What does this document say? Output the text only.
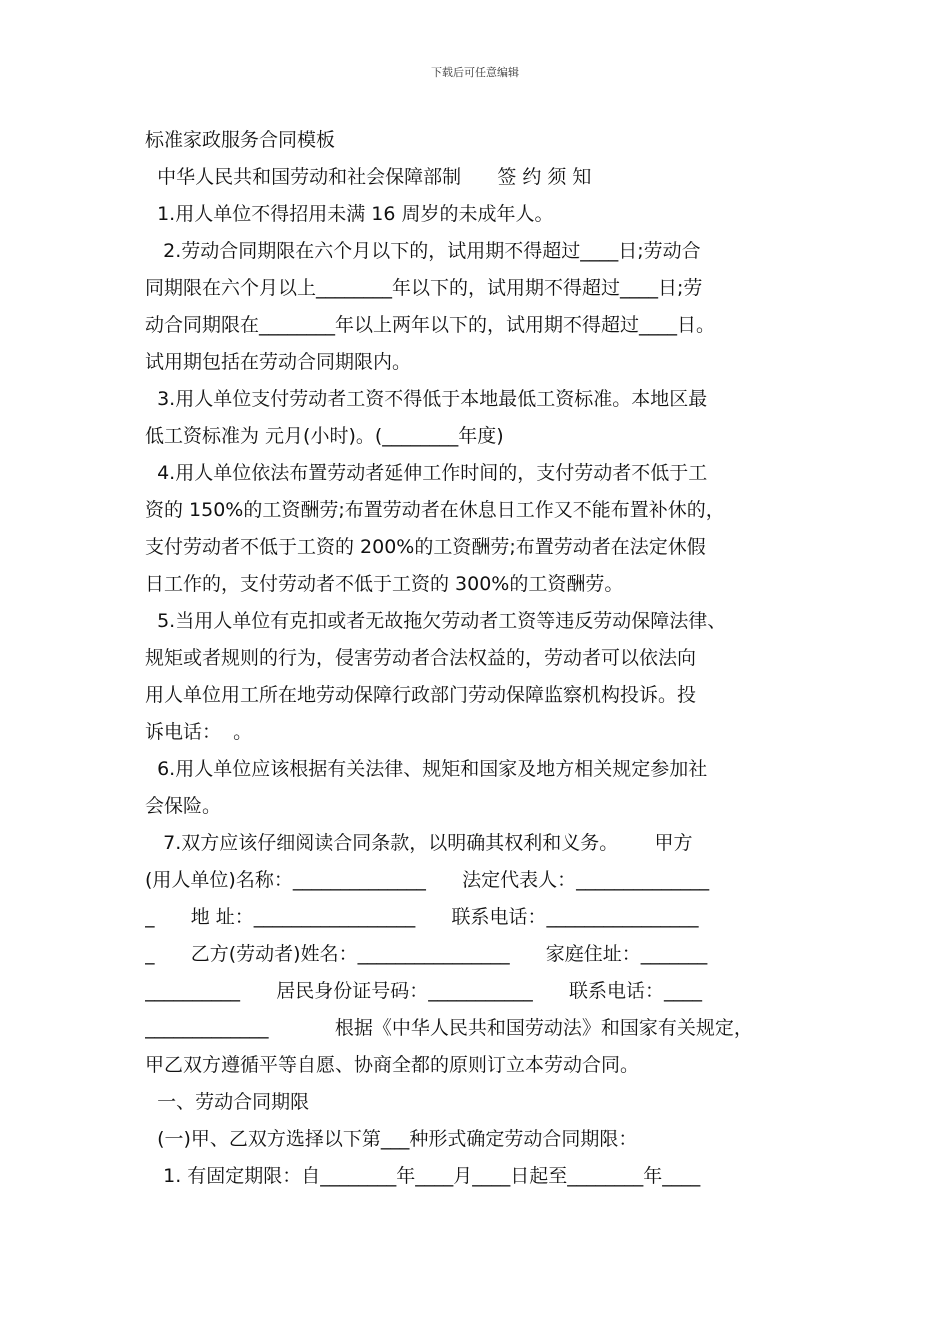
下载后可任意编辑
标准家政服务合同模板
中华人民共和国劳动和社会保障部制      签 约 须 知
1.用人单位不得招用未满 16 周岁的未成年人。
2.劳动合同期限在六个月以下的，试用期不得超过____日;劳动合
同期限在六个月以上________年以下的，试用期不得超过____日;劳
动合同期限在________年以上两年以下的，试用期不得超过____日。
试用期包括在劳动合同期限内。
3.用人单位支付劳动者工资不得低于本地最低工资标准。本地区最
低工资标准为 元月(小时)。(________年度)
4.用人单位依法布置劳动者延伸工作时间的，支付劳动者不低于工
资的 150%的工资酬劳;布置劳动者在休息日工作又不能布置补休的，
支付劳动者不低于工资的 200%的工资酬劳;布置劳动者在法定休假
日工作的，支付劳动者不低于工资的 300%的工资酬劳。
5.当用人单位有克扣或者无故拖欠劳动者工资等违反劳动保障法律、
规矩或者规则的行为，侵害劳动者合法权益的，劳动者可以依法向
用人单位用工所在地劳动保障行政部门劳动保障监察机构投诉。投
诉电话：  。
6.用人单位应该根据有关法律、规矩和国家及地方相关规定参加社
会保险。
7.双方应该仔细阅读合同条款，以明确其权利和义务。      甲方
(用人单位)名称：______________      法定代表人：______________
_      地 址：_________________      联系电话：________________
_      乙方(劳动者)姓名：________________      家庭住址：_______
__________      居民身份证号码：___________      联系电话：____
_____________           根据《中华人民共和国劳动法》和国家有关规定，
甲乙双方遵循平等自愿、协商全都的原则订立本劳动合同。
一、劳动合同期限
(一)甲、乙双方选择以下第___种形式确定劳动合同期限：
1. 有固定期限：自________年____月____日起至________年____
